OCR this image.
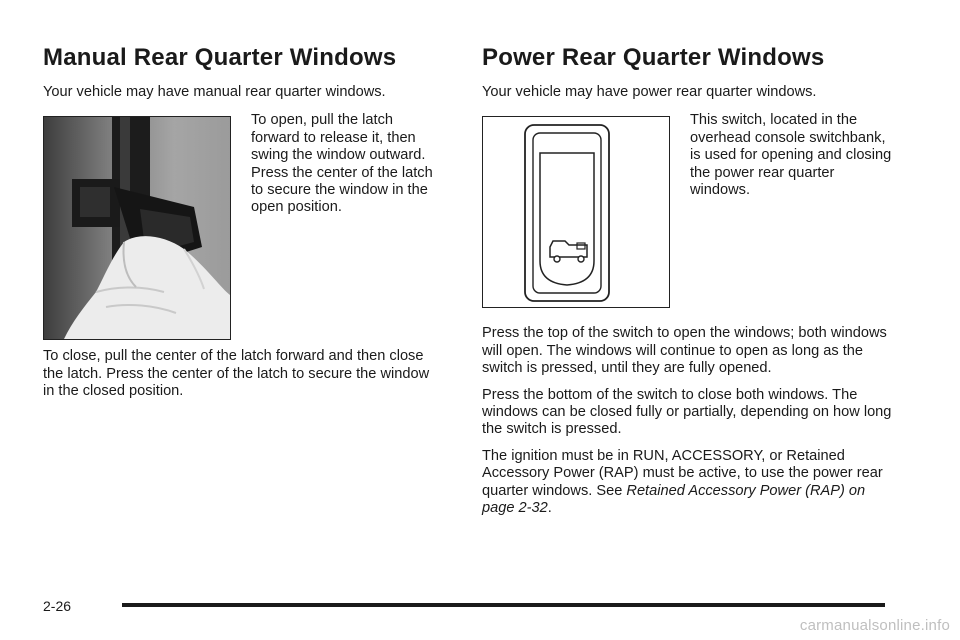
Manual Rear Quarter Windows

Your vehicle may have manual rear quarter windows.

To open, pull the latch forward to release it, then swing the window outward. Press the center of the latch to secure the window in the open position.

To close, pull the center of the latch forward and then close the latch. Press the center of the latch to secure the window in the closed position.

Power Rear Quarter Windows

Your vehicle may have power rear quarter windows.

This switch, located in the overhead console switchbank, is used for opening and closing the power rear quarter windows.

Press the top of the switch to open the windows; both windows will open. The windows will continue to open as long as the switch is pressed, until they are fully opened.

Press the bottom of the switch to close both windows. The windows can be closed fully or partially, depending on how long the switch is pressed.

The ignition must be in RUN, ACCESSORY, or Retained Accessory Power (RAP) must be active, to use the power rear quarter windows. See Retained Accessory Power (RAP) on page 2-32.

2-26
carmanualsonline.info
